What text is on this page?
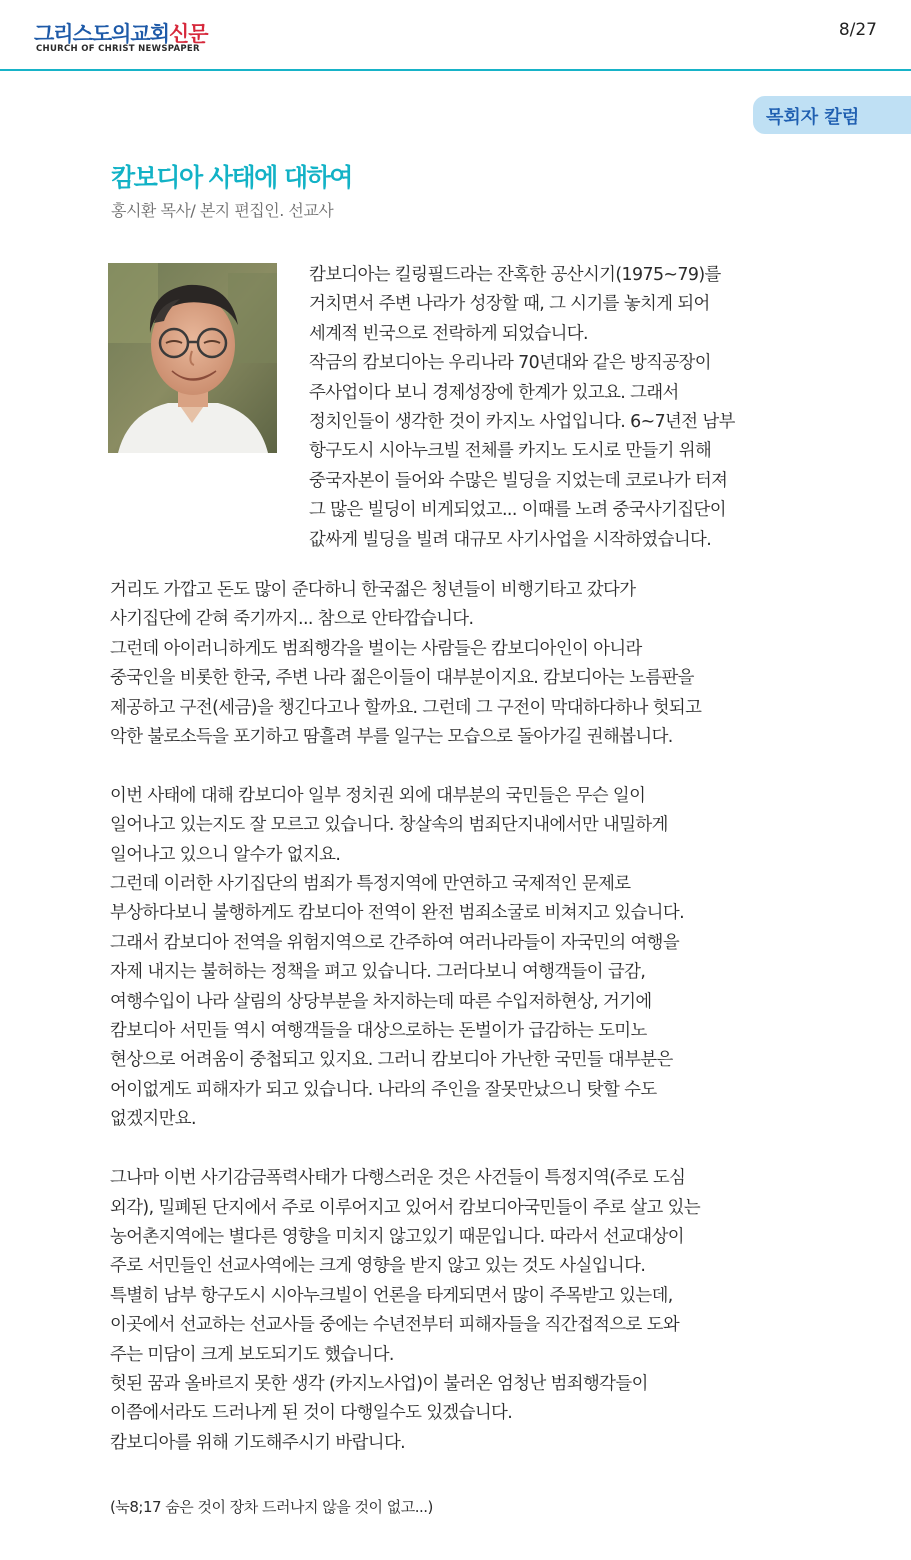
그리스도의교회신문
CHURCH OF CHRIST NEWSPAPER
8/27
목회자 칼럼
캄보디아 사태에 대하여
홍시환 목사/ 본지 편집인. 선교사
캄보디아는 킬링필드라는 잔혹한 공산시기(1975~79)를
거치면서 주변 나라가 성장할 때, 그 시기를 놓치게 되어
세계적 빈국으로 전락하게 되었습니다.
작금의 캄보디아는 우리나라 70년대와 같은 방직공장이
주사업이다 보니 경제성장에 한계가 있고요. 그래서
정치인들이 생각한 것이 카지노 사업입니다. 6~7년전 남부
항구도시 시아누크빌 전체를 카지노 도시로 만들기 위해
중국자본이 들어와 수많은 빌딩을 지었는데 코로나가 터져
그 많은 빌딩이 비게되었고... 이때를 노려 중국사기집단이
값싸게 빌딩을 빌려 대규모 사기사업을 시작하였습니다.
거리도 가깝고 돈도 많이 준다하니 한국젊은 청년들이 비행기타고 갔다가
사기집단에 갇혀 죽기까지... 참으로 안타깝습니다.
그런데 아이러니하게도 범죄행각을 벌이는 사람들은 캄보디아인이 아니라
중국인을 비롯한 한국, 주변 나라 젊은이들이 대부분이지요. 캄보디아는 노름판을
제공하고 구전(세금)을 챙긴다고나 할까요. 그런데 그 구전이 막대하다하나 헛되고
악한 불로소득을 포기하고 땀흘려 부를 일구는 모습으로 돌아가길 권해봅니다.
이번 사태에 대해 캄보디아 일부 정치권 외에 대부분의 국민들은 무슨 일이
일어나고 있는지도 잘 모르고 있습니다. 창살속의 범죄단지내에서만 내밀하게
일어나고 있으니 알수가 없지요.
그런데 이러한 사기집단의 범죄가 특정지역에 만연하고 국제적인 문제로
부상하다보니 불행하게도 캄보디아 전역이 완전 범죄소굴로 비쳐지고 있습니다.
그래서 캄보디아 전역을 위험지역으로 간주하여 여러나라들이 자국민의 여행을
자제 내지는 불허하는 정책을 펴고 있습니다. 그러다보니 여행객들이 급감,
여행수입이 나라 살림의 상당부분을 차지하는데 따른 수입저하현상, 거기에
캄보디아 서민들 역시 여행객들을 대상으로하는 돈벌이가 급감하는 도미노
현상으로 어려움이 중첩되고 있지요. 그러니 캄보디아 가난한 국민들 대부분은
어이없게도 피해자가 되고 있습니다. 나라의 주인을 잘못만났으니 탓할 수도
없겠지만요.
그나마 이번 사기감금폭력사태가 다행스러운 것은 사건들이 특정지역(주로 도심
외각), 밀폐된 단지에서 주로 이루어지고 있어서 캄보디아국민들이 주로 살고 있는
농어촌지역에는 별다른 영향을 미치지 않고있기 때문입니다. 따라서 선교대상이
주로 서민들인 선교사역에는 크게 영향을 받지 않고 있는 것도 사실입니다.
특별히 남부 항구도시 시아누크빌이 언론을 타게되면서 많이 주목받고 있는데,
이곳에서 선교하는 선교사들 중에는 수년전부터 피해자들을 직간접적으로 도와
주는 미담이 크게 보도되기도 했습니다.
헛된 꿈과 올바르지 못한 생각 (카지노사업)이 불러온 엄청난 범죄행각들이
이쯤에서라도 드러나게 된 것이 다행일수도 있겠습니다.
캄보디아를 위해 기도해주시기 바랍니다.
(눅8;17 숨은 것이 장차 드러나지 않을 것이 없고...)
